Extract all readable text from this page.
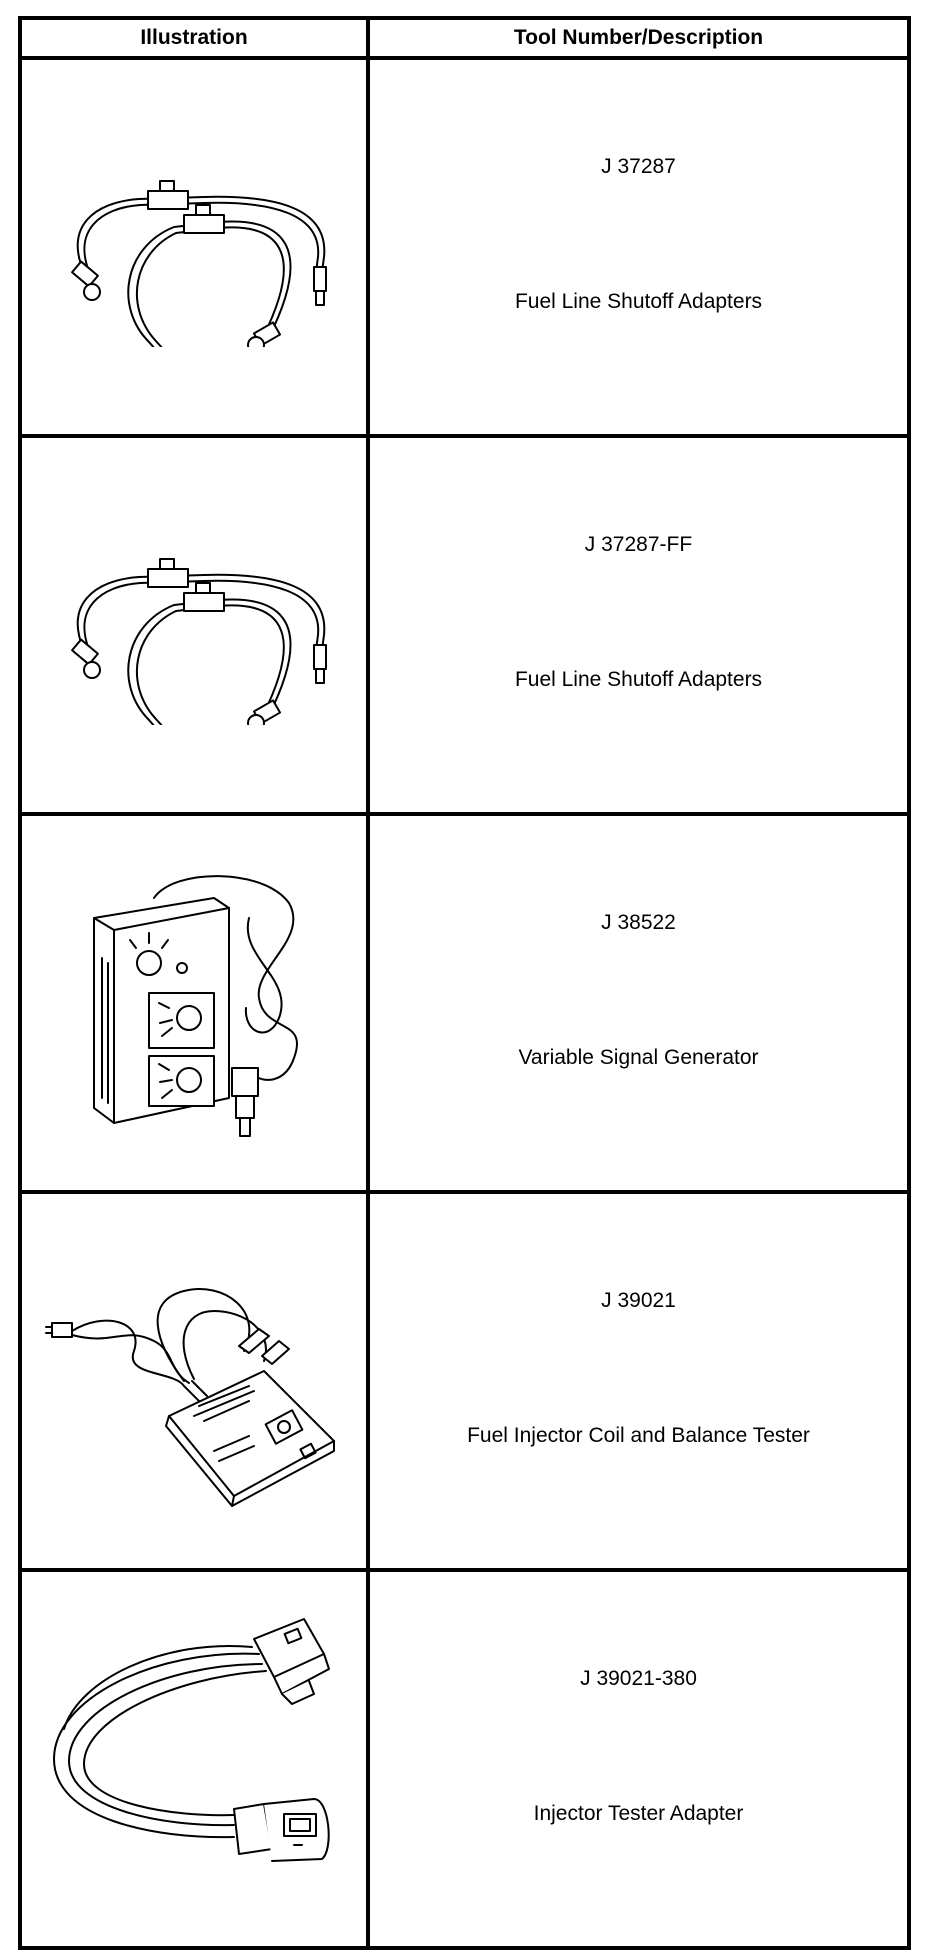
Illustration	Tool Number/Description

J 37287
Fuel Line Shutoff Adapters

J 37287-FF
Fuel Line Shutoff Adapters

J 38522
Variable Signal Generator

J 39021
Fuel Injector Coil and Balance Tester

J 39021-380
Injector Tester Adapter
